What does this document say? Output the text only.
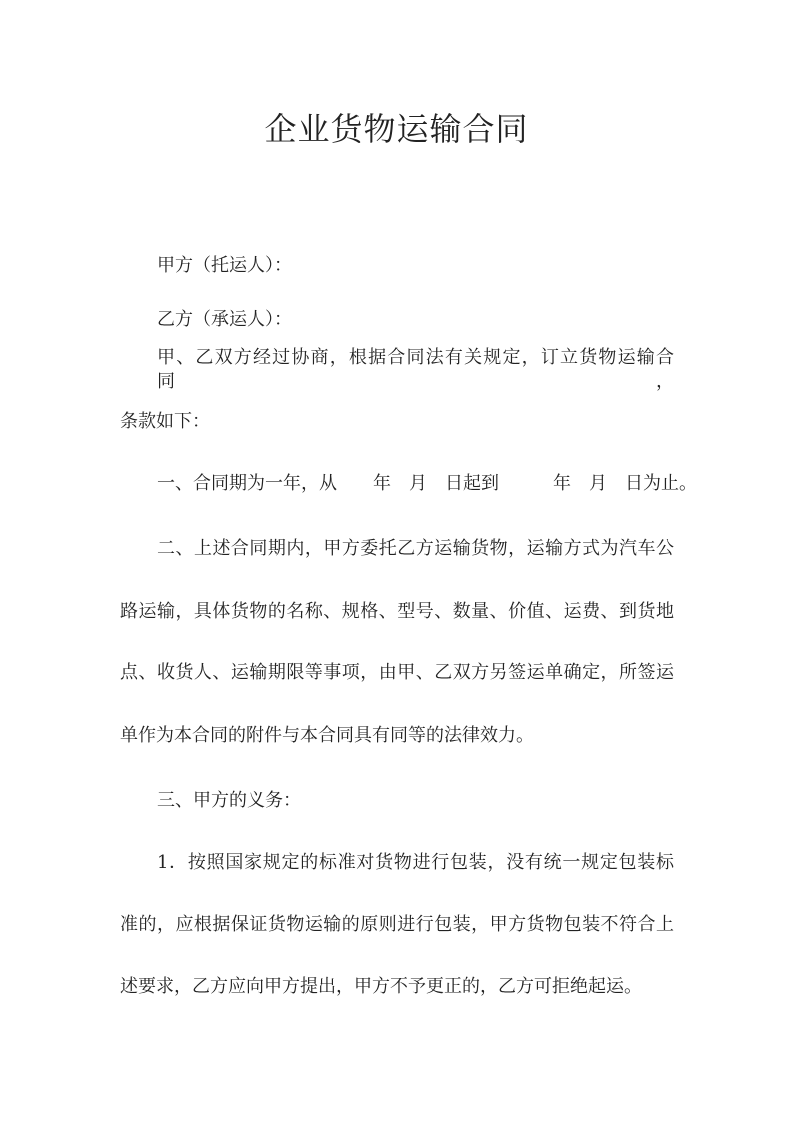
企业货物运输合同
甲方（托运人）：
乙方（承运人）：
甲、乙双方经过协商，根据合同法有关规定，订立货物运输合同，
条款如下：
一、合同期为一年，从　　年　月　日起到　　　年　月　日为止。
二、上述合同期内，甲方委托乙方运输货物，运输方式为汽车公
路运输，具体货物的名称、规格、型号、数量、价值、运费、到货地
点、收货人、运输期限等事项，由甲、乙双方另签运单确定，所签运
单作为本合同的附件与本合同具有同等的法律效力。
三、甲方的义务：
1．按照国家规定的标准对货物进行包装，没有统一规定包装标
准的，应根据保证货物运输的原则进行包装，甲方货物包装不符合上
述要求，乙方应向甲方提出，甲方不予更正的，乙方可拒绝起运。
